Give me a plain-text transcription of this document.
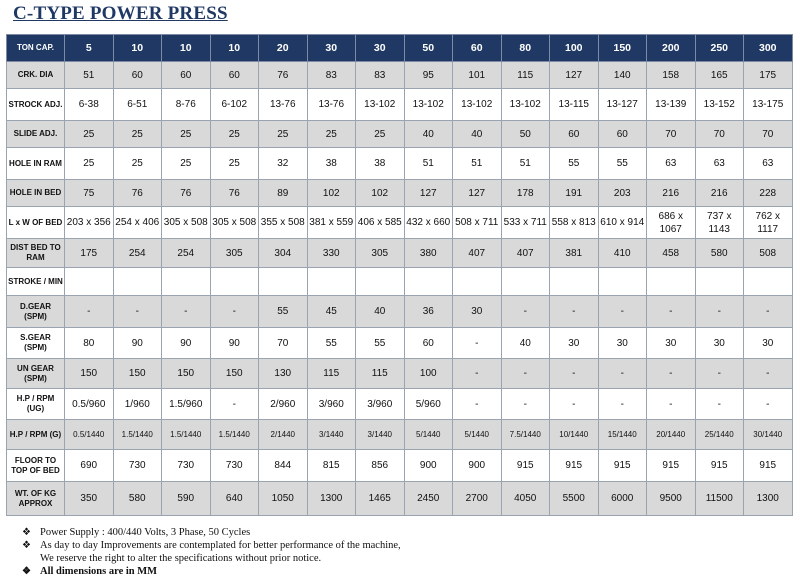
C-TYPE POWER PRESS
TON CAP.	5	10	10	10	20	30	30	50	60	80	100	150	200	250	300
CRK. DIA	51	60	60	60	76	83	83	95	101	115	127	140	158	165	175
STROCK ADJ.	6-38	6-51	8-76	6-102	13-76	13-76	13-102	13-102	13-102	13-102	13-115	13-127	13-139	13-152	13-175
SLIDE ADJ.	25	25	25	25	25	25	25	40	40	50	60	60	70	70	70
HOLE IN RAM	25	25	25	25	32	38	38	51	51	51	55	55	63	63	63
HOLE IN BED	75	76	76	76	89	102	102	127	127	178	191	203	216	216	228
L x W OF BED	203 x 356	254 x 406	305 x 508	305 x 508	355 x 508	381 x 559	406 x 585	432 x 660	508 x 711	533 x 711	558 x 813	610 x 914	686 x 1067	737 x 1143	762 x 1117
DIST BED TO RAM	175	254	254	305	304	330	305	380	407	407	381	410	458	580	508
STROKE / MIN															
D.GEAR (SPM)	-	-	-	-	55	45	40	36	30	-	-	-	-	-	-
S.GEAR (SPM)	80	90	90	90	70	55	55	60	-	40	30	30	30	30	30
UN GEAR (SPM)	150	150	150	150	130	115	115	100	-	-	-	-	-	-	-
H.P / RPM (UG)	0.5/960	1/960	1.5/960	-	2/960	3/960	3/960	5/960	-	-	-	-	-	-	-
H.P / RPM (G)	0.5/1440	1.5/1440	1.5/1440	1.5/1440	2/1440	3/1440	3/1440	5/1440	5/1440	7.5/1440	10/1440	15/1440	20/1440	25/1440	30/1440
FLOOR TO TOP OF BED	690	730	730	730	844	815	856	900	900	915	915	915	915	915	915
WT. OF KG APPROX	350	580	590	640	1050	1300	1465	2450	2700	4050	5500	6000	9500	11500	1300
❖ Power Supply : 400/440 Volts, 3 Phase, 50 Cycles
❖ As day to day Improvements are contemplated for better performance of the machine,
We reserve the right to alter the specifications without prior notice.
❖ All dimensions are in MM
